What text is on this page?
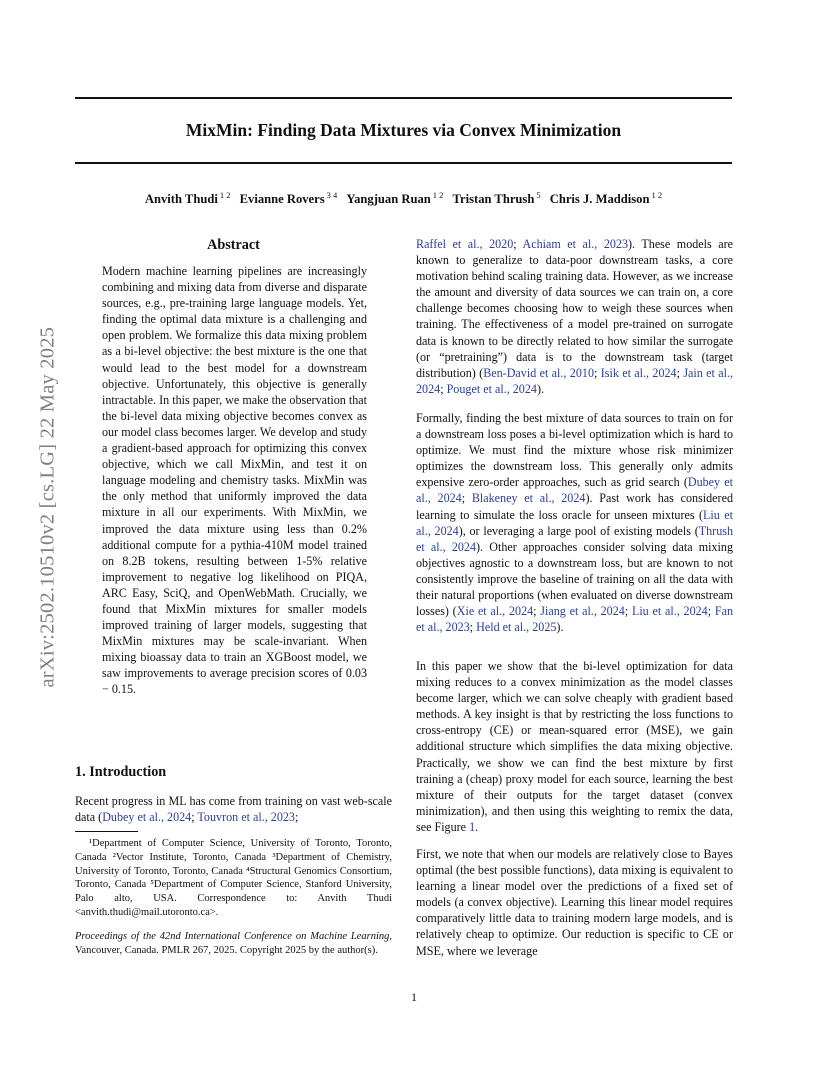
MixMin: Finding Data Mixtures via Convex Minimization
Anvith Thudi $^{1 2}$ Evianne Rovers $^{3 4}$ Yangjuan Ruan $^{1 2}$ Tristan Thrush $^5$ Chris J. Maddison $^{1 2}$
arXiv:2502.10510v2 [cs.LG] 22 May 2025
Abstract
Modern machine learning pipelines are increasingly combining and mixing data from diverse and disparate sources, e.g., pre-training large language models. Yet, finding the optimal data mixture is a challenging and open problem. We formalize this data mixing problem as a bi-level objective: the best mixture is the one that would lead to the best model for a downstream objective. Unfortunately, this objective is generally intractable. In this paper, we make the observation that the bi-level data mixing objective becomes convex as our model class becomes larger. We develop and study a gradient-based approach for optimizing this convex objective, which we call MixMin, and test it on language modeling and chemistry tasks. MixMin was the only method that uniformly improved the data mixture in all our experiments. With MixMin, we improved the data mixture using less than 0.2% additional compute for a pythia-410M model trained on 8.2B tokens, resulting between 1-5% relative improvement to negative log likelihood on PIQA, ARC Easy, SciQ, and OpenWebMath. Crucially, we found that MixMin mixtures for smaller models improved training of larger models, suggesting that MixMin mixtures may be scale-invariant. When mixing bioassay data to train an XGBoost model, we saw improvements to average precision scores of 0.03 − 0.15.
1. Introduction
Recent progress in ML has come from training on vast web-scale data (Dubey et al., 2024; Touvron et al., 2023;
¹Department of Computer Science, University of Toronto, Toronto, Canada ²Vector Institute, Toronto, Canada ³Department of Chemistry, University of Toronto, Toronto, Canada ⁴Structural Genomics Consortium, Toronto, Canada ⁵Department of Computer Science, Stanford University, Palo alto, USA. Correspondence to: Anvith Thudi <anvith.thudi@mail.utoronto.ca>.
Proceedings of the 42nd International Conference on Machine Learning, Vancouver, Canada. PMLR 267, 2025. Copyright 2025 by the author(s).
Raffel et al., 2020; Achiam et al., 2023). These models are known to generalize to data-poor downstream tasks, a core motivation behind scaling training data. However, as we increase the amount and diversity of data sources we can train on, a core challenge becomes choosing how to weigh these sources when training. The effectiveness of a model pre-trained on surrogate data is known to be directly related to how similar the surrogate (or “pretraining”) data is to the downstream task (target distribution) (Ben-David et al., 2010; Isik et al., 2024; Jain et al., 2024; Pouget et al., 2024).
Formally, finding the best mixture of data sources to train on for a downstream loss poses a bi-level optimization which is hard to optimize. We must find the mixture whose risk minimizer optimizes the downstream loss. This generally only admits expensive zero-order approaches, such as grid search (Dubey et al., 2024; Blakeney et al., 2024). Past work has considered learning to simulate the loss oracle for unseen mixtures (Liu et al., 2024), or leveraging a large pool of existing models (Thrush et al., 2024). Other approaches consider solving data mixing objectives agnostic to a downstream loss, but are known to not consistently improve the baseline of training on all the data with their natural proportions (when evaluated on diverse downstream losses) (Xie et al., 2024; Jiang et al., 2024; Liu et al., 2024; Fan et al., 2023; Held et al., 2025).
In this paper we show that the bi-level optimization for data mixing reduces to a convex minimization as the model classes become larger, which we can solve cheaply with gradient based methods. A key insight is that by restricting the loss functions to cross-entropy (CE) or mean-squared error (MSE), we gain additional structure which simplifies the data mixing objective. Practically, we show we can find the best mixture by first training a (cheap) proxy model for each source, learning the best mixture of their outputs for the target dataset (convex minimization), and then using this weighting to remix the data, see Figure 1.
First, we note that when our models are relatively close to Bayes optimal (the best possible functions), data mixing is equivalent to learning a linear model over the predictions of a fixed set of models (a convex objective). Learning this linear model requires comparatively little data to training modern large models, and is relatively cheap to optimize. Our reduction is specific to CE or MSE, where we leverage
1
